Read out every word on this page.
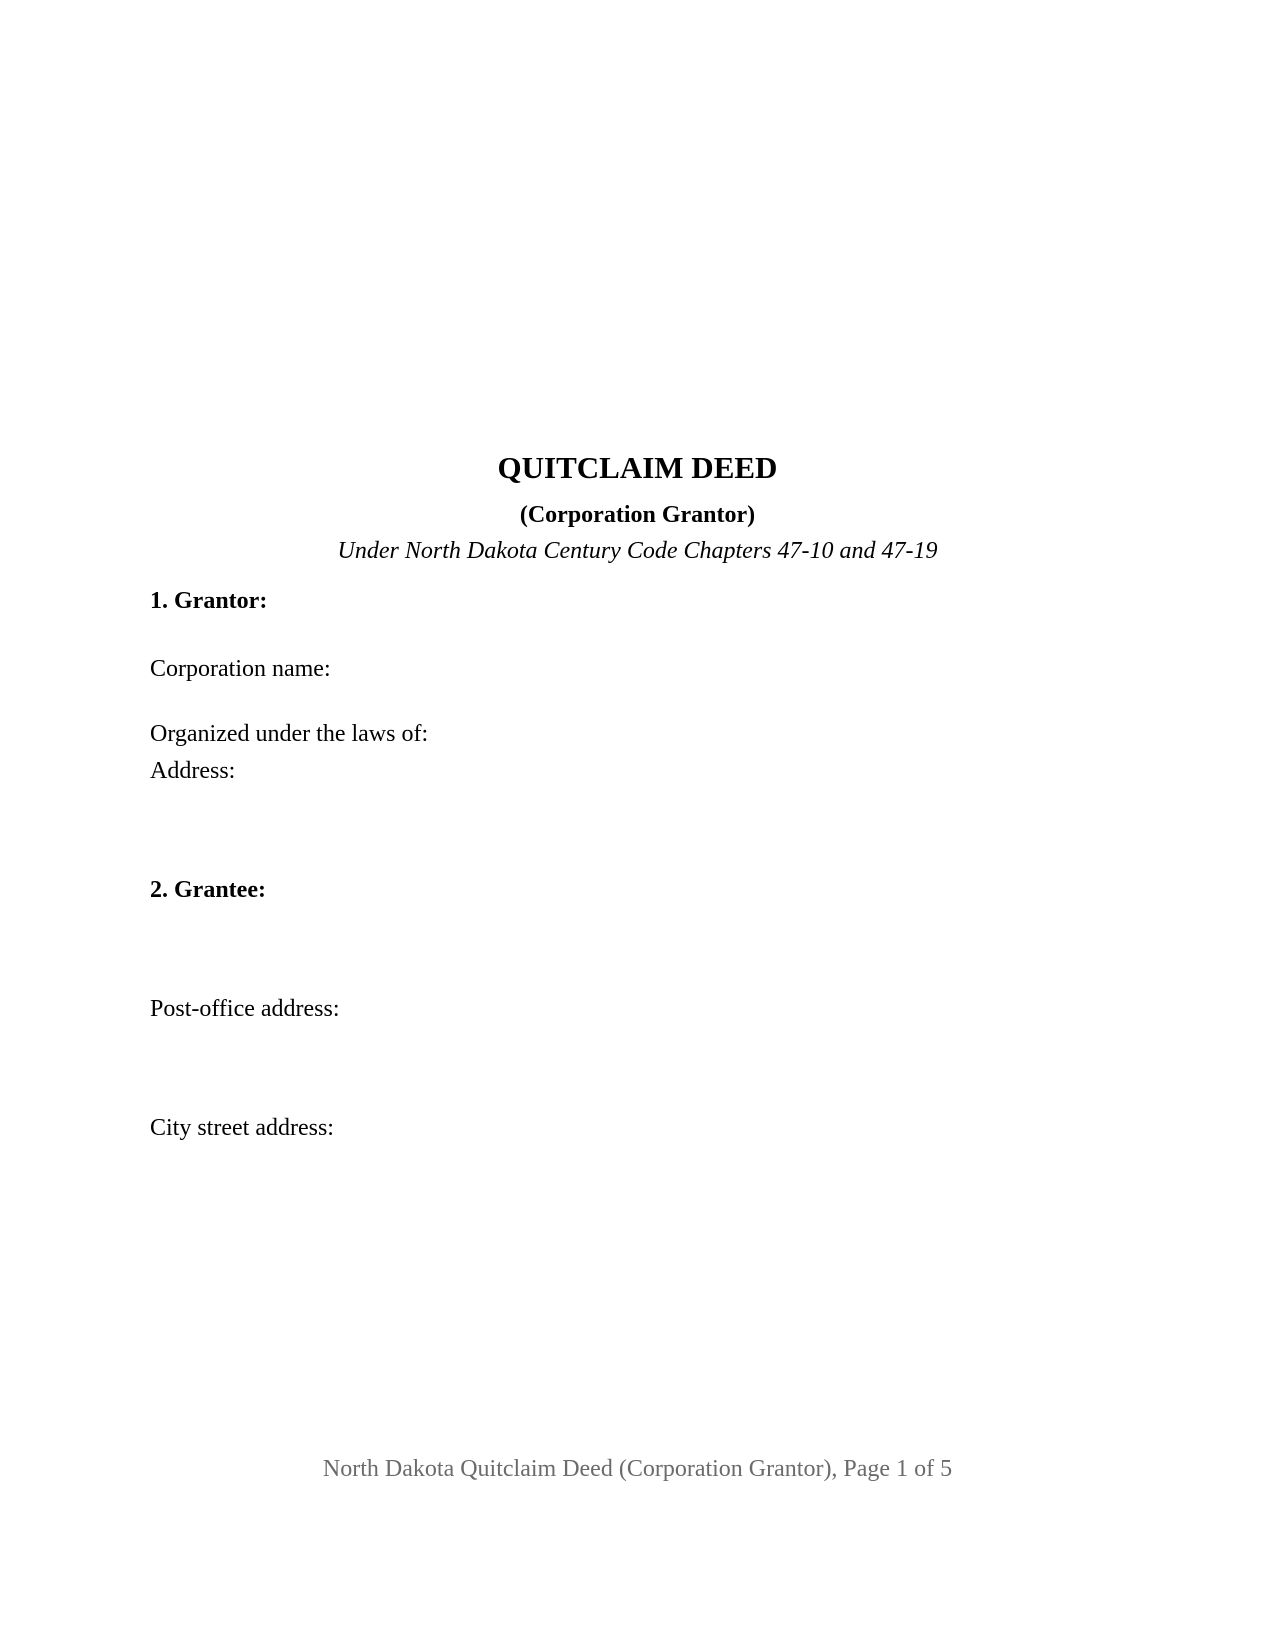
QUITCLAIM DEED
(Corporation Grantor)
Under North Dakota Century Code Chapters 47-10 and 47-19
1. Grantor:
Corporation name:
Organized under the laws of:
Address:
2. Grantee:
Post-office address:
City street address:
North Dakota Quitclaim Deed (Corporation Grantor), Page 1 of 5
